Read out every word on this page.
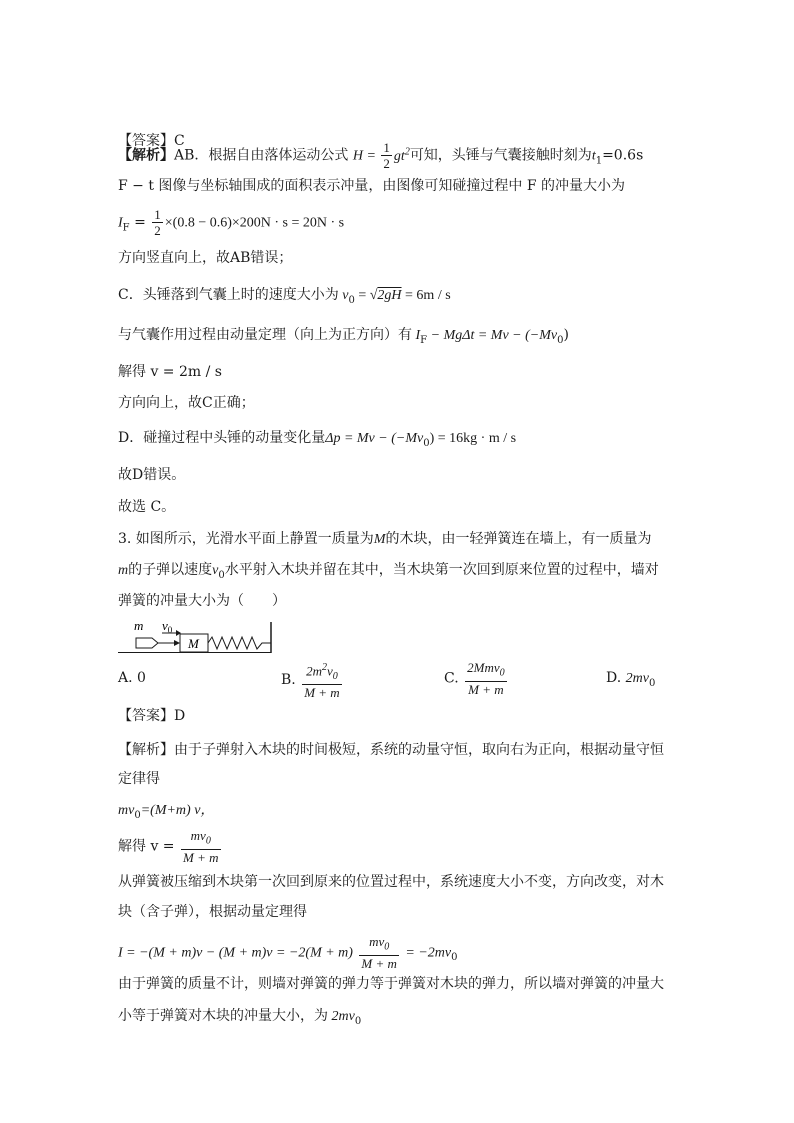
【答案】C
【解析】AB．根据自由落体运动公式 $H = \frac{1}{2} gt^2$可知，头锤与气囊接触时刻为$t_1=0.6s$
F − t 图像与坐标轴围成的面积表示冲量，由图像可知碰撞过程中 F 的冲量大小为
$I_F = \frac{1}{2} \times(0.8 - 0.6)\times 200N \cdot s = 20N \cdot s$
方向竖直向上，故AB错误；
C．头锤落到气囊上时的速度大小为 $v_0 = √2gH = 6m / s$
与气囊作用过程由动量定理（向上为正方向）有 $I_F - Mg\Delta t = Mv - (-Mv_0)$
解得 v = 2m / s
方向向上，故C正确；
D．碰撞过程中头锤的动量变化量$\Delta p = Mv - (-Mv_0) = 16kg \cdot m / s$
故D错误。
故选 C。
3. 如图所示，光滑水平面上静置一质量为M的木块，由一轻弹簧连在墙上，有一质量为
m的子弹以速度$v_0$水平射入木块并留在其中，当木块第一次回到原来位置的过程中，墙对
弹簧的冲量大小为（　　）
m $v_0$
M
A. 0	B. $\frac{2m^2v_0}{M + m}$	C. $\frac{2Mmv_0}{M + m}$	D. $2mv_0$
【答案】D
【解析】由于子弹射入木块的时间极短，系统的动量守恒，取向右为正向，根据动量守恒
定律得
$mv_0=(M+m)$ v，
解得 $v = \frac{mv_0}{M + m}$
从弹簧被压缩到木块第一次回到原来的位置过程中，系统速度大小不变，方向改变，对木
块（含子弹），根据动量定理得
$I = -(M + m)v - (M + m)v = -2(M + m) \frac{mv_0}{M + m} = -2mv_0$
由于弹簧的质量不计，则墙对弹簧的弹力等于弹簧对木块的弹力，所以墙对弹簧的冲量大
小等于弹簧对木块的冲量大小，为 $2mv_0$
